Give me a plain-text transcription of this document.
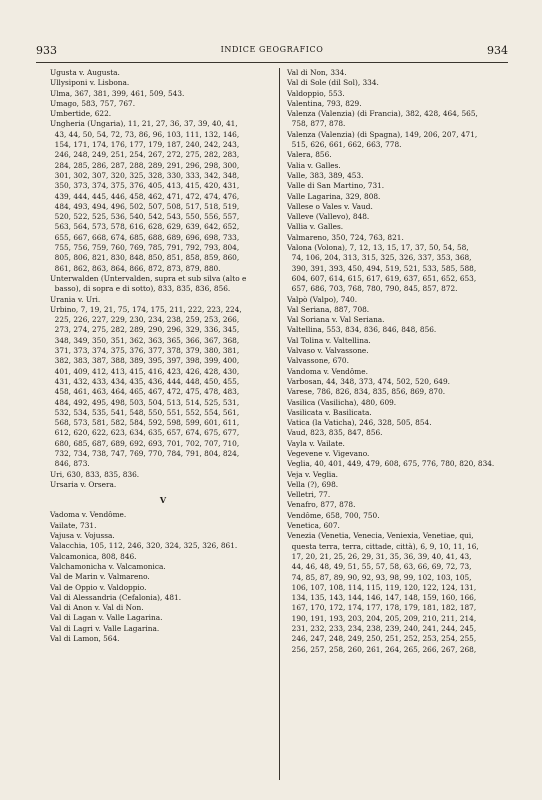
933	INDICE GEOGRAFICO	934
Ugusta v. Augusta.
Ullysiponi v. Lisbona.
Ulma, 367, 381, 399, 461, 509, 543.
Umago, 583, 757, 767.
Umbertide, 622.
Ungheria (Ungaria), 11, 21, 27, 36, 37, 39, 40, 41,
43, 44, 50, 54, 72, 73, 86, 96, 103, 111, 132, 146,
154, 171, 174, 176, 177, 179, 187, 240, 242, 243,
246, 248, 249, 251, 254, 267, 272, 275, 282, 283,
284, 285, 286, 287, 288, 289, 291, 296, 298, 300,
301, 302, 307, 320, 325, 328, 330, 333, 342, 348,
350, 373, 374, 375, 376, 405, 413, 415, 420, 431,
439, 444, 445, 446, 458, 462, 471, 472, 474, 476,
484, 493, 494, 496, 502, 507, 508, 517, 518, 519,
520, 522, 525, 536, 540, 542, 543, 550, 556, 557,
563, 564, 573, 578, 616, 628, 629, 639, 642, 652,
655, 667, 668, 674, 685, 688, 689, 696, 698, 733,
755, 756, 759, 760, 769, 785, 791, 792, 793, 804,
805, 806, 821, 830, 848, 850, 851, 858, 859, 860,
861, 862, 863, 864, 866, 872, 873, 879, 880.
Unterwalden (Untervalden, supra et sub silva (alto e
basso), di sopra e di sotto), 833, 835, 836, 856.
Urania v. Uri.
Urbino, 7, 19, 21, 75, 174, 175, 211, 222, 223, 224,
225, 226, 227, 229, 230, 234, 238, 259, 253, 266,
273, 274, 275, 282, 289, 290, 296, 329, 336, 345,
348, 349, 350, 351, 362, 363, 365, 366, 367, 368,
371, 373, 374, 375, 376, 377, 378, 379, 380, 381,
382, 383, 387, 388, 389, 395, 397, 398, 399, 400,
401, 409, 412, 413, 415, 416, 423, 426, 428, 430,
431, 432, 433, 434, 435, 436, 444, 448, 450, 455,
458, 461, 463, 464, 465, 467, 472, 475, 478, 483,
484, 492, 495, 498, 503, 504, 513, 514, 525, 531,
532, 534, 535, 541, 548, 550, 551, 552, 554, 561,
568, 573, 581, 582, 584, 592, 598, 599, 601, 611,
612, 620, 622, 623, 634, 635, 657, 674, 675, 677,
680, 685, 687, 689, 692, 693, 701, 702, 707, 710,
732, 734, 738, 747, 769, 770, 784, 791, 804, 824,
846, 873.
Uri, 630, 833, 835, 836.
Ursaria v. Orsera.
V
Vadoma v. Vendôme.
Vailate, 731.
Vajusa v. Vojussa.
Valacchia, 105, 112, 246, 320, 324, 325, 326, 861.
Valcamonica, 808, 846.
Valchamonicha v. Valcamonica.
Val de Marin v. Valmareno.
Val de Oppio v. Valdoppio.
Val di Alessandria (Cefalonia), 481.
Val di Anon v. Val di Non.
Val di Lagan v. Valle Lagarina.
Val di Lagri v. Valle Lagarina.
Val di Lamon, 564.
Val di Non, 334.
Val di Sole (dil Sol), 334.
Valdoppio, 553.
Valentina, 793, 829.
Valenza (Valenzia) (di Francia), 382, 428, 464, 565,
758, 877, 878.
Valenza (Valenzia) (di Spagna), 149, 206, 207, 471,
515, 626, 661, 662, 663, 778.
Valera, 856.
Valia v. Galles.
Valle, 383, 389, 453.
Valle di San Martino, 731.
Valle Lagarina, 329, 808.
Vallese o Vales v. Vaud.
Valleve (Vallevo), 848.
Vallia v. Galles.
Valmareno, 350, 724, 763, 821.
Valona (Volona), 7, 12, 13, 15, 17, 37, 50, 54, 58,
74, 106, 204, 313, 315, 325, 326, 337, 353, 368,
390, 391, 393, 450, 494, 519, 521, 533, 585, 588,
604, 607, 614, 615, 617, 619, 637, 651, 652, 653,
657, 686, 703, 768, 780, 790, 845, 857, 872.
Valpò (Valpo), 740.
Val Seriana, 887, 708.
Val Soriana v. Val Seriana.
Valtellina, 553, 834, 836, 846, 848, 856.
Val Tolina v. Valtellina.
Valvaso v. Valvassone.
Valvassone, 670.
Vandoma v. Vendôme.
Varbosan, 44, 348, 373, 474, 502, 520, 649.
Varese, 786, 826, 834, 835, 856, 869, 870.
Vasilica (Vasilicha), 480, 609.
Vasilicata v. Basilicata.
Vatica (la Vaticha), 246, 328, 505, 854.
Vaud, 823, 835, 847, 856.
Vayla v. Vailate.
Vegevene v. Vigevano.
Veglia, 40, 401, 449, 479, 608, 675, 776, 780, 820, 834.
Veja v. Veglia.
Vella (?), 698.
Velletri, 77.
Venafro, 877, 878.
Vendôme, 658, 700, 750.
Venetica, 607.
Venezia (Venetia, Venecia, Veniexia, Venetiae, qui,
questa terra, terra, cittade, città), 6, 9, 10, 11, 16,
17, 20, 21, 25, 26, 29, 31, 35, 36, 39, 40, 41, 43,
44, 46, 48, 49, 51, 55, 57, 58, 63, 66, 69, 72, 73,
74, 85, 87, 89, 90, 92, 93, 98, 99, 102, 103, 105,
106, 107, 108, 114, 115, 119, 120, 122, 124, 131,
134, 135, 143, 144, 146, 147, 148, 159, 160, 166,
167, 170, 172, 174, 177, 178, 179, 181, 182, 187,
190, 191, 193, 203, 204, 205, 209, 210, 211, 214,
231, 232, 233, 234, 238, 239, 240, 241, 244, 245,
246, 247, 248, 249, 250, 251, 252, 253, 254, 255,
256, 257, 258, 260, 261, 264, 265, 266, 267, 268,
